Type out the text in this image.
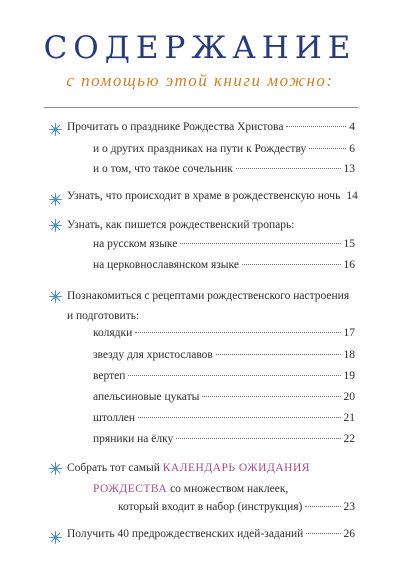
СОДЕРЖАНИЕ
с помощью этой книги можно:
Прочитать о празднике Рождества Христова	4
и о других праздниках на пути к Рождеству	6
и о том, что такое сочельник	13
Узнать, что происходит в храме в рождественскую ночь 14
Узнать, как пишется рождественский тропарь:
на русском языке	15
на церковнославянском языке	16
Познакомиться с рецептами рождественского настроения
и подготовить:
колядки	17
звезду для христославов	18
вертеп	19
апельсиновые цукаты	20
штоллен	21
пряники на ёлку	22
Собрать тот самый КАЛЕНДАРЬ ОЖИДАНИЯ
РОЖДЕСТВА со множеством наклеек,
который входит в набор (инструкция)	23
Получить 40 предрождественских идей-заданий	26
